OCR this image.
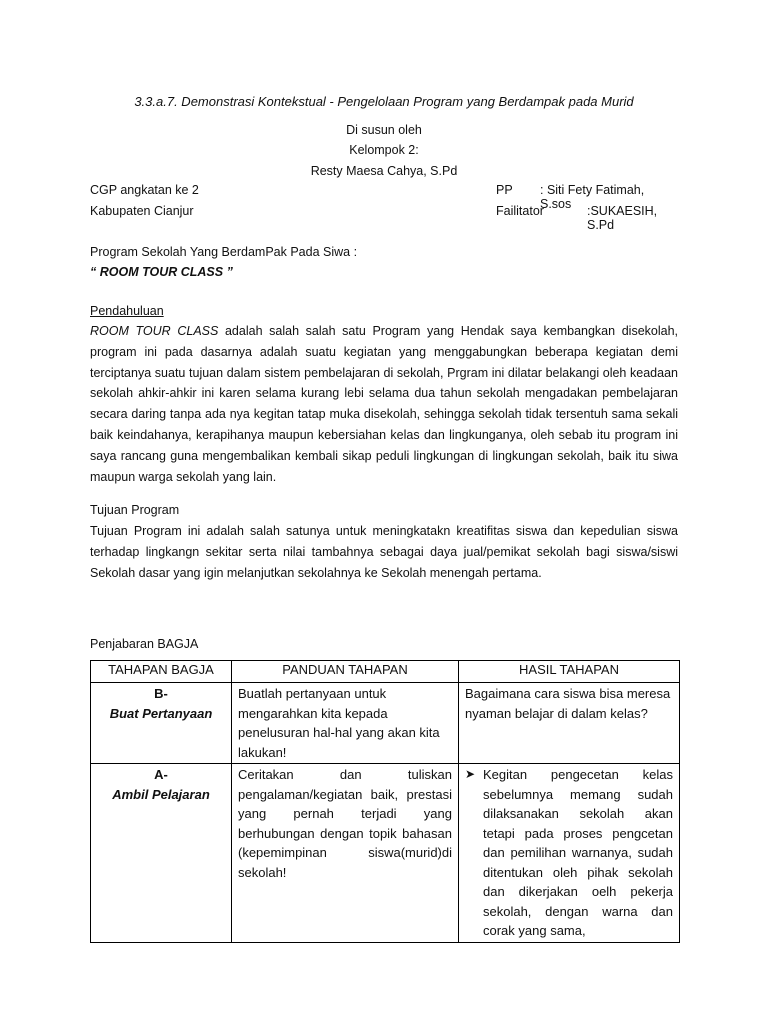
3.3.a.7. Demonstrasi Kontekstual - Pengelolaan Program yang Berdampak pada Murid
Di susun oleh
Kelompok 2:
Resty Maesa Cahya, S.Pd
CGP angkatan ke 2	PP : Siti Fety Fatimah, S.sos
Kabupaten Cianjur	Failitator	:SUKAESIH, S.Pd
Program Sekolah Yang BerdamPak Pada Siwa :
“ ROOM TOUR CLASS ”
Pendahuluan
ROOM TOUR CLASS adalah salah salah satu Program yang Hendak saya kembangkan disekolah, program ini pada dasarnya adalah suatu kegiatan yang menggabungkan beberapa kegiatan demi terciptanya suatu tujuan dalam sistem pembelajaran di sekolah, Prgram ini dilatar belakangi oleh keadaan sekolah ahkir-ahkir ini karen selama kurang lebi selama dua tahun sekolah mengadakan pembelajaran secara daring tanpa ada nya kegitan tatap muka disekolah, sehingga sekolah tidak tersentuh sama sekali baik keindahanya, kerapihanya maupun kebersiahan kelas dan lingkunganya, oleh sebab itu program ini saya rancang guna mengembalikan kembali sikap peduli lingkungan di lingkungan sekolah, baik itu siwa maupun warga sekolah yang lain.
Tujuan Program
Tujuan Program ini adalah salah satunya untuk meningkatakn kreatifitas siswa dan kepedulian siswa terhadap lingkangn sekitar serta nilai tambahnya sebagai daya jual/pemikat sekolah bagi siswa/siswi Sekolah dasar yang igin melanjutkan sekolahnya ke Sekolah menengah pertama.
Penjabaran BAGJA
TAHAPAN BAGJA	PANDUAN TAHAPAN	HASIL TAHAPAN

B-
Buat Pertanyaan	Buatlah pertanyaan untuk mengarahkan kita kepada penelusuran hal-hal yang akan kita lakukan!	Bagaimana cara siswa bisa meresa nyaman belajar di dalam kelas?

A-
Ambil Pelajaran	Ceritakan dan tuliskan pengalaman/kegiatan baik, prestasi yang pernah terjadi yang berhubungan dengan topik bahasan (kepemimpinan siswa(murid)di sekolah!	➤ Kegitan pengecetan kelas sebelumnya memang sudah dilaksanakan sekolah akan tetapi pada proses pengcetan dan pemilihan warnanya, sudah ditentukan oleh pihak sekolah dan dikerjakan oelh pekerja sekolah, dengan warna dan corak yang sama,
